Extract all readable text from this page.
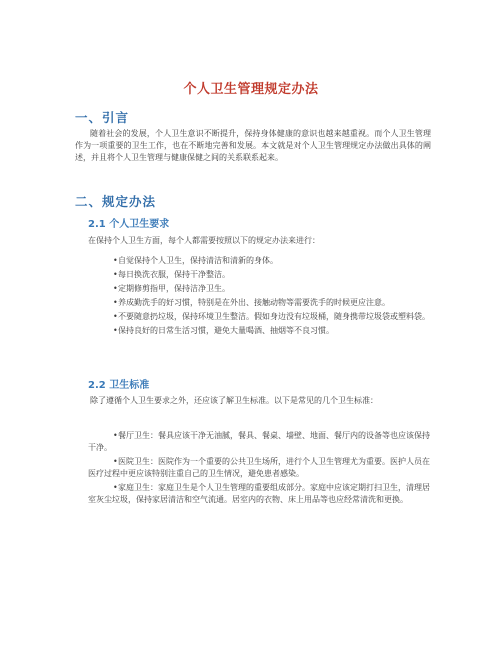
个人卫生管理规定办法
一、引言

随着社会的发展，个人卫生意识不断提升，保持身体健康的意识也越来越重视。而个人卫生管理作为一项重要的卫生工作，也在不断地完善和发展。本文就是对个人卫生管理规定办法做出具体的阐述，并且将个人卫生管理与健康保健之间的关系联系起来。

二、规定办法
2.1 个人卫生要求

在保持个人卫生方面，每个人都需要按照以下的规定办法来进行：

• 自觉保持个人卫生，保持清洁和清新的身体。
• 每日换洗衣服，保持干净整洁。
• 定期修剪指甲，保持洁净卫生。
• 养成勤洗手的好习惯，特别是在外出、接触动物等需要洗手的时候更应注意。
• 不要随意扔垃圾，保持环境卫生整洁。假如身边没有垃圾桶，随身携带垃圾袋或塑料袋。
• 保持良好的日常生活习惯，避免大量喝酒、抽烟等不良习惯。
2.2 卫生标准

除了遵循个人卫生要求之外，还应该了解卫生标准。以下是常见的几个卫生标准：

• 餐厅卫生：餐具应该干净无油腻，餐具、餐桌、墙壁、地面、餐厅内的设备等也应该保持干净。
• 医院卫生：医院作为一个重要的公共卫生场所，进行个人卫生管理尤为重要。医护人员在医疗过程中更应该特别注重自己的卫生情况，避免患者感染。
• 家庭卫生：家庭卫生是个人卫生管理的重要组成部分。家庭中应该定期打扫卫生，清理居室灰尘垃圾，保持家居清洁和空气流通。居室内的衣物、床上用品等也应经常清洗和更换。
